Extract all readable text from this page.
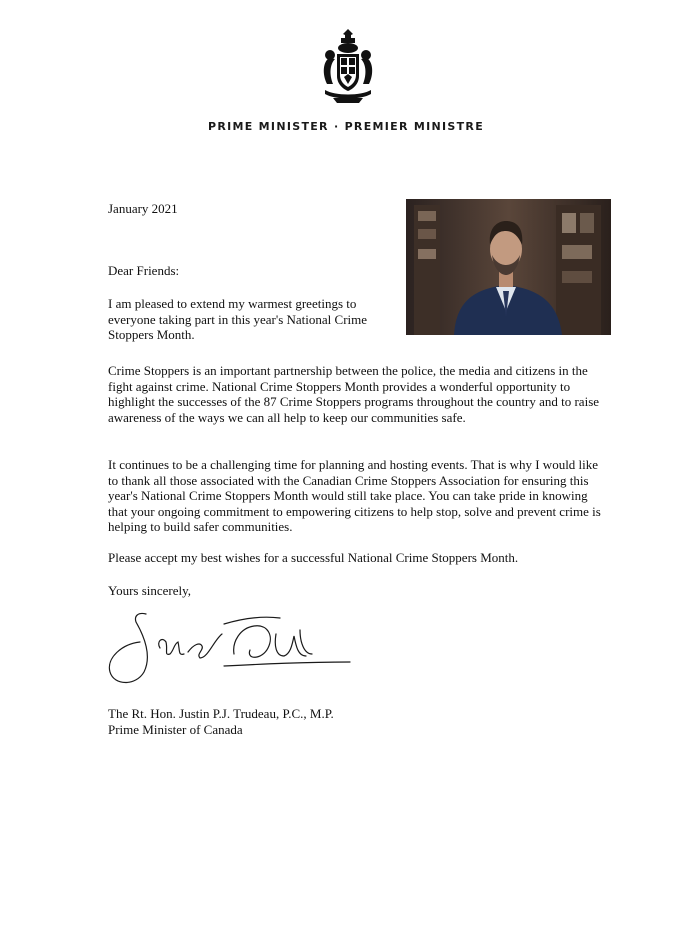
PRIME MINISTER · PREMIER MINISTRE

January 2021

Dear Friends:

I am pleased to extend my warmest greetings to everyone taking part in this year's National Crime Stoppers Month.

Crime Stoppers is an important partnership between the police, the media and citizens in the fight against crime. National Crime Stoppers Month provides a wonderful opportunity to highlight the successes of the 87 Crime Stoppers programs throughout the country and to raise awareness of the ways we can all help to keep our communities safe.

It continues to be a challenging time for planning and hosting events. That is why I would like to thank all those associated with the Canadian Crime Stoppers Association for ensuring this year's National Crime Stoppers Month would still take place. You can take pride in knowing that your ongoing commitment to empowering citizens to help stop, solve and prevent crime is helping to build safer communities.

Please accept my best wishes for a successful National Crime Stoppers Month.

Yours sincerely,

The Rt. Hon. Justin P.J. Trudeau, P.C., M.P.

Prime Minister of Canada
